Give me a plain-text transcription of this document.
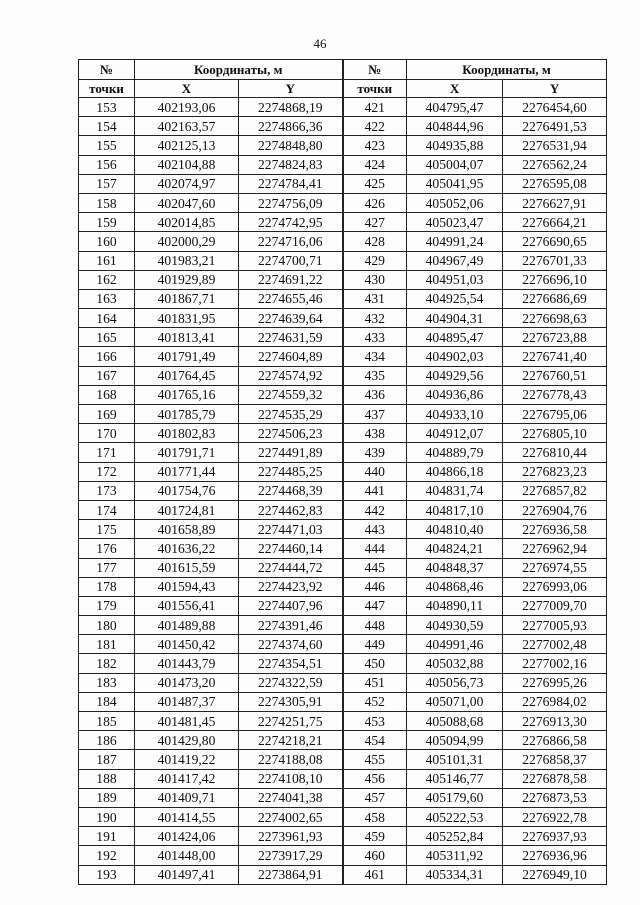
46
№	Координаты, м		№	Координаты, м	
точки	X	Y	точки	X	Y
153	402193,06	2274868,19	421	404795,47	2276454,60
154	402163,57	2274866,36	422	404844,96	2276491,53
155	402125,13	2274848,80	423	404935,88	2276531,94
156	402104,88	2274824,83	424	405004,07	2276562,24
157	402074,97	2274784,41	425	405041,95	2276595,08
158	402047,60	2274756,09	426	405052,06	2276627,91
159	402014,85	2274742,95	427	405023,47	2276664,21
160	402000,29	2274716,06	428	404991,24	2276690,65
161	401983,21	2274700,71	429	404967,49	2276701,33
162	401929,89	2274691,22	430	404951,03	2276696,10
163	401867,71	2274655,46	431	404925,54	2276686,69
164	401831,95	2274639,64	432	404904,31	2276698,63
165	401813,41	2274631,59	433	404895,47	2276723,88
166	401791,49	2274604,89	434	404902,03	2276741,40
167	401764,45	2274574,92	435	404929,56	2276760,51
168	401765,16	2274559,32	436	404936,86	2276778,43
169	401785,79	2274535,29	437	404933,10	2276795,06
170	401802,83	2274506,23	438	404912,07	2276805,10
171	401791,71	2274491,89	439	404889,79	2276810,44
172	401771,44	2274485,25	440	404866,18	2276823,23
173	401754,76	2274468,39	441	404831,74	2276857,82
174	401724,81	2274462,83	442	404817,10	2276904,76
175	401658,89	2274471,03	443	404810,40	2276936,58
176	401636,22	2274460,14	444	404824,21	2276962,94
177	401615,59	2274444,72	445	404848,37	2276974,55
178	401594,43	2274423,92	446	404868,46	2276993,06
179	401556,41	2274407,96	447	404890,11	2277009,70
180	401489,88	2274391,46	448	404930,59	2277005,93
181	401450,42	2274374,60	449	404991,46	2277002,48
182	401443,79	2274354,51	450	405032,88	2277002,16
183	401473,20	2274322,59	451	405056,73	2276995,26
184	401487,37	2274305,91	452	405071,00	2276984,02
185	401481,45	2274251,75	453	405088,68	2276913,30
186	401429,80	2274218,21	454	405094,99	2276866,58
187	401419,22	2274188,08	455	405101,31	2276858,37
188	401417,42	2274108,10	456	405146,77	2276878,58
189	401409,71	2274041,38	457	405179,60	2276873,53
190	401414,55	2274002,65	458	405222,53	2276922,78
191	401424,06	2273961,93	459	405252,84	2276937,93
192	401448,00	2273917,29	460	405311,92	2276936,96
193	401497,41	2273864,91	461	405334,31	2276949,10
